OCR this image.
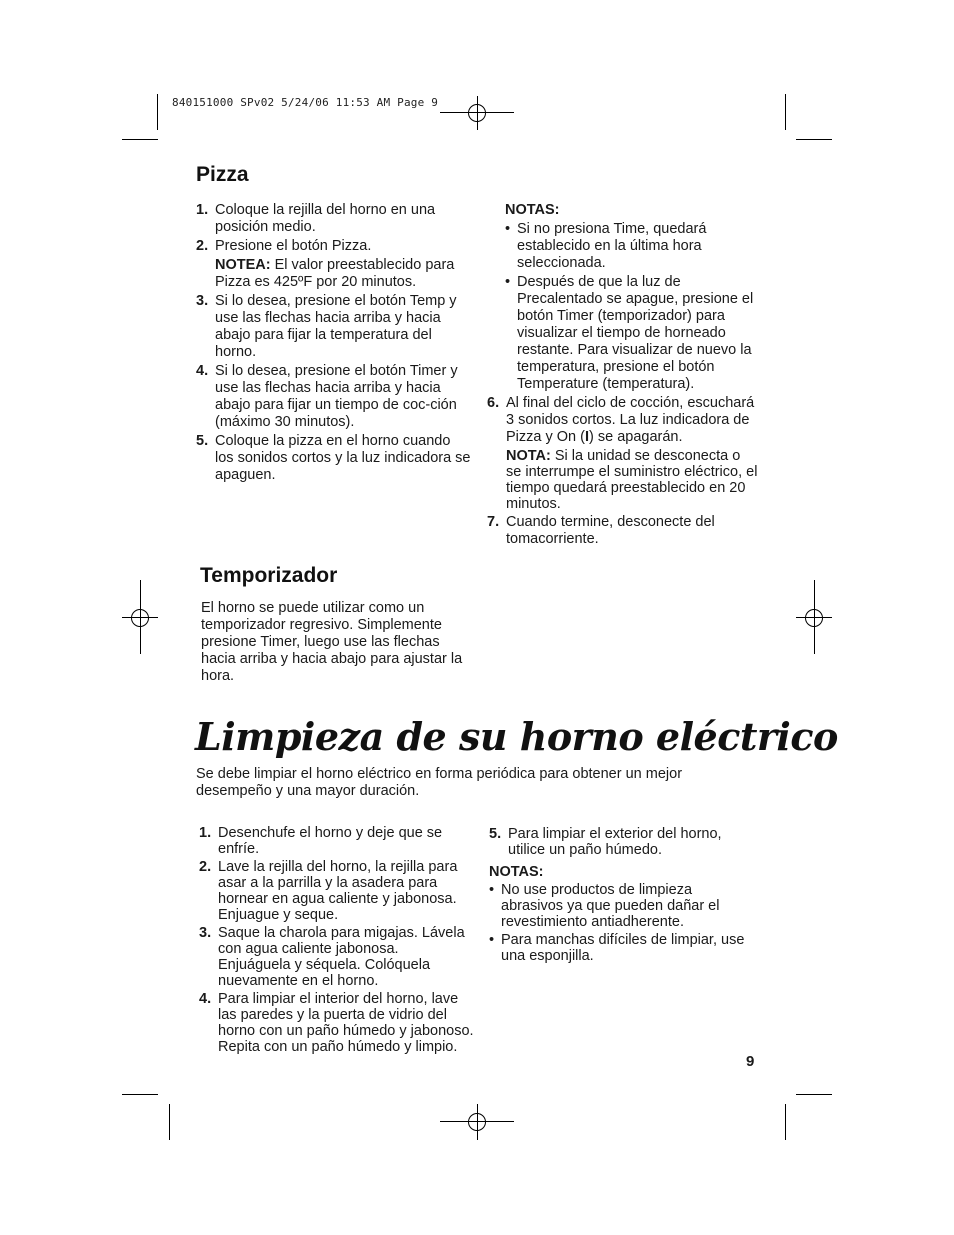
840151000 SPv02 5/24/06 11:53 AM Page 9
Pizza
1. Coloque la rejilla del horno en una posición medio.
2. Presione el botón Pizza.
NOTEA: El valor preestablecido para Pizza es 425ºF por 20 minutos.
3. Si lo desea, presione el botón Temp y use las flechas hacia arriba y hacia abajo para fijar la temperatura del horno.
4. Si lo desea, presione el botón Timer y use las flechas hacia arriba y hacia abajo para fijar un tiempo de coc-ción (máximo 30 minutos).
5. Coloque la pizza en el horno cuando los sonidos cortos y la luz indicadora se apaguen.
NOTAS:
• Si no presiona Time, quedará establecido en la última hora seleccionada.
• Después de que la luz de Precalentado se apague, presione el botón Timer (temporizador) para visualizar el tiempo de horneado restante. Para visualizar de nuevo la temperatura, presione el botón Temperature (temperatura).
6. Al final del ciclo de cocción, escuchará 3 sonidos cortos. La luz indicadora de Pizza y On (I) se apagarán.
NOTA: Si la unidad se desconecta o se interrumpe el suministro eléctrico, el tiempo quedará preestablecido en 20 minutos.
7. Cuando termine, desconecte del tomacorriente.
Temporizador
El horno se puede utilizar como un temporizador regresivo. Simplemente presione Timer, luego use las flechas hacia arriba y hacia abajo para ajustar la hora.
Limpieza de su horno eléctrico
Se debe limpiar el horno eléctrico en forma periódica para obtener un mejor desempeño y una mayor duración.
1. Desenchufe el horno y deje que se enfríe.
2. Lave la rejilla del horno, la rejilla para asar a la parrilla y la asadera para hornear en agua caliente y jabonosa. Enjuague y seque.
3. Saque la charola para migajas. Lávela con agua caliente jabonosa. Enjuáguela y séquela. Colóquela nuevamente en el horno.
4. Para limpiar el interior del horno, lave las paredes y la puerta de vidrio del horno con un paño húmedo y jabonoso. Repita con un paño húmedo y limpio.
5. Para limpiar el exterior del horno, utilice un paño húmedo.
NOTAS:
• No use productos de limpieza abrasivos ya que pueden dañar el revestimiento antiadherente.
• Para manchas difíciles de limpiar, use una esponjilla.
9
